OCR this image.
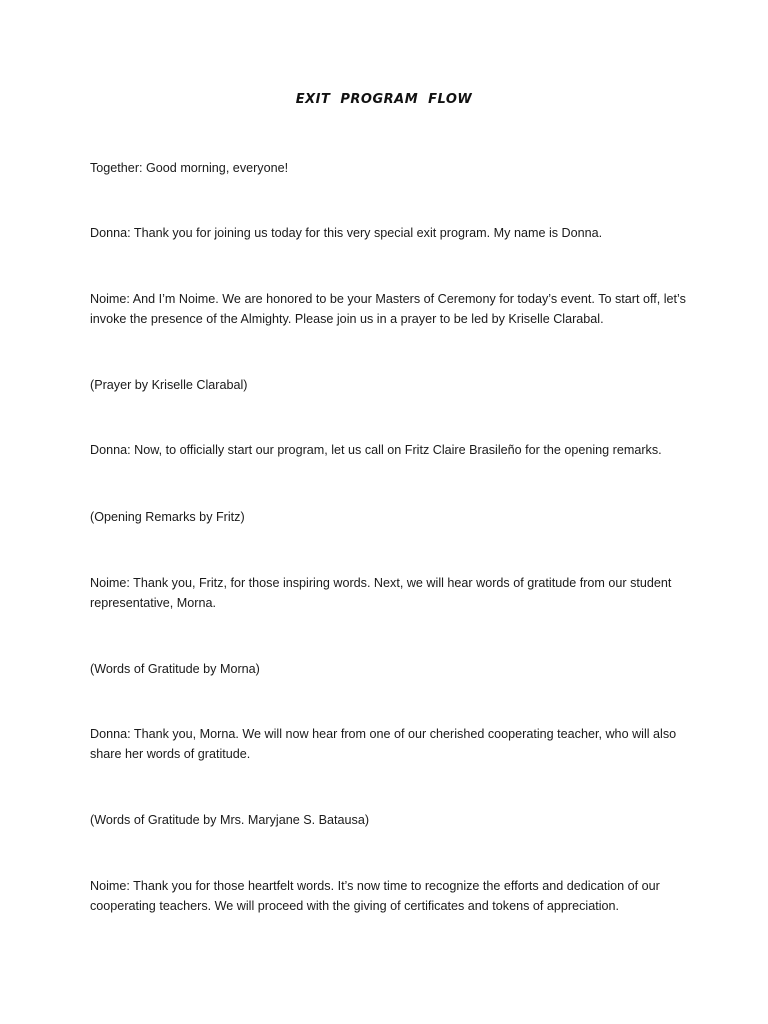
EXIT PROGRAM FLOW
Together: Good morning, everyone!
Donna: Thank you for joining us today for this very special exit program. My name is Donna.
Noime: And I’m Noime. We are honored to be your Masters of Ceremony for today’s event. To start off, let’s invoke the presence of the Almighty. Please join us in a prayer to be led by Kriselle Clarabal.
(Prayer by Kriselle Clarabal)
Donna: Now, to officially start our program, let us call on Fritz Claire Brasileño for the opening remarks.
(Opening Remarks by Fritz)
Noime: Thank you, Fritz, for those inspiring words. Next, we will hear words of gratitude from our student representative, Morna.
(Words of Gratitude by Morna)
Donna: Thank you, Morna. We will now hear from one of our cherished cooperating teacher, who will also share her words of gratitude.
(Words of Gratitude by Mrs. Maryjane S. Batausa)
Noime: Thank you for those heartfelt words. It’s now time to recognize the efforts and dedication of our cooperating teachers. We will proceed with the giving of certificates and tokens of appreciation.
